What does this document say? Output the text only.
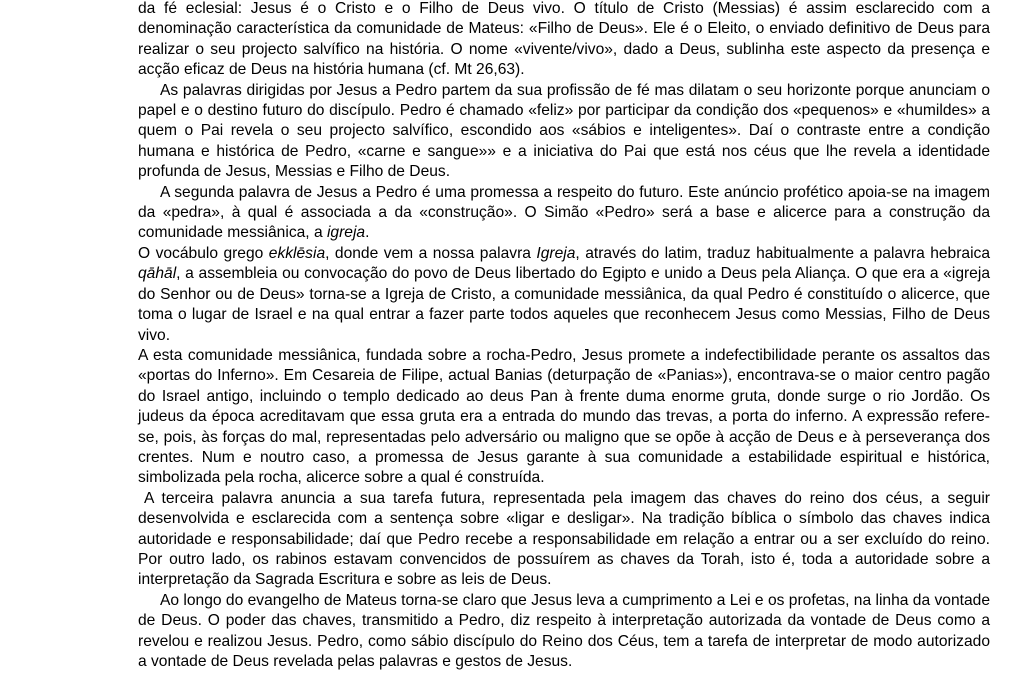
da fé eclesial: Jesus é o Cristo e o Filho de Deus vivo. O título de Cristo (Messias) é assim esclarecido com a denominação característica da comunidade de Mateus: «Filho de Deus». Ele é o Eleito, o enviado definitivo de Deus para realizar o seu projecto salvífico na história. O nome «vivente/vivo», dado a Deus, sublinha este aspecto da presença e acção eficaz de Deus na história humana (cf. Mt 26,63).

As palavras dirigidas por Jesus a Pedro partem da sua profissão de fé mas dilatam o seu horizonte porque anunciam o papel e o destino futuro do discípulo. Pedro é chamado «feliz» por participar da condição dos «pequenos» e «humildes» a quem o Pai revela o seu projecto salvífico, escondido aos «sábios e inteligentes». Daí o contraste entre a condição humana e histórica de Pedro, «carne e sangue»» e a iniciativa do Pai que está nos céus que lhe revela a identidade profunda de Jesus, Messias e Filho de Deus.

A segunda palavra de Jesus a Pedro é uma promessa a respeito do futuro. Este anúncio profético apoia-se na imagem da «pedra», à qual é associada a da «construção». O Simão «Pedro» será a base e alicerce para a construção da comunidade messiânica, a igreja.

O vocábulo grego ekklēsia, donde vem a nossa palavra Igreja, através do latim, traduz habitualmente a palavra hebraica qāhāl, a assembleia ou convocação do povo de Deus libertado do Egipto e unido a Deus pela Aliança. O que era a «igreja do Senhor ou de Deus» torna-se a Igreja de Cristo, a comunidade messiânica, da qual Pedro é constituído o alicerce, que toma o lugar de Israel e na qual entrar a fazer parte todos aqueles que reconhecem Jesus como Messias, Filho de Deus vivo.

A esta comunidade messiânica, fundada sobre a rocha-Pedro, Jesus promete a indefectibilidade perante os assaltos das «portas do Inferno». Em Cesareia de Filipe, actual Banias (deturpação de «Panias»), encontrava-se o maior centro pagão do Israel antigo, incluindo o templo dedicado ao deus Pan à frente duma enorme gruta, donde surge o rio Jordão. Os judeus da época acreditavam que essa gruta era a entrada do mundo das trevas, a porta do inferno. A expressão refere-se, pois, às forças do mal, representadas pelo adversário ou maligno que se opõe à acção de Deus e à perseverança dos crentes. Num e noutro caso, a promessa de Jesus garante à sua comunidade a estabilidade espiritual e histórica, simbolizada pela rocha, alicerce sobre a qual é construída.

A terceira palavra anuncia a sua tarefa futura, representada pela imagem das chaves do reino dos céus, a seguir desenvolvida e esclarecida com a sentença sobre «ligar e desligar». Na tradição bíblica o símbolo das chaves indica autoridade e responsabilidade; daí que Pedro recebe a responsabilidade em relação a entrar ou a ser excluído do reino. Por outro lado, os rabinos estavam convencidos de possuírem as chaves da Torah, isto é, toda a autoridade sobre a interpretação da Sagrada Escritura e sobre as leis de Deus.

Ao longo do evangelho de Mateus torna-se claro que Jesus leva a cumprimento a Lei e os profetas, na linha da vontade de Deus. O poder das chaves, transmitido a Pedro, diz respeito à interpretação autorizada da vontade de Deus como a revelou e realizou Jesus. Pedro, como sábio discípulo do Reino dos Céus, tem a tarefa de interpretar de modo autorizado a vontade de Deus revelada pelas palavras e gestos de Jesus.
